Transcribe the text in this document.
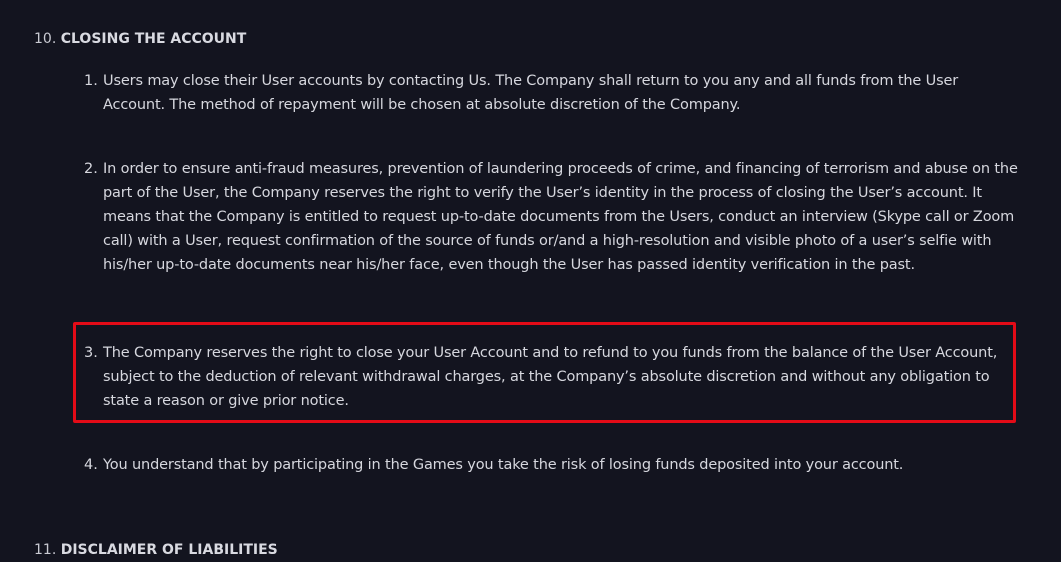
10. CLOSING THE ACCOUNT
1. Users may close their User accounts by contacting Us. The Company shall return to you any and all funds from the User Account. The method of repayment will be chosen at absolute discretion of the Company.
2. In order to ensure anti-fraud measures, prevention of laundering proceeds of crime, and financing of terrorism and abuse on the part of the User, the Company reserves the right to verify the User’s identity in the process of closing the User’s account. It means that the Company is entitled to request up-to-date documents from the Users, conduct an interview (Skype call or Zoom call) with a User, request confirmation of the source of funds or/and a high-resolution and visible photo of a user’s selfie with his/her up-to-date documents near his/her face, even though the User has passed identity verification in the past.
3. The Company reserves the right to close your User Account and to refund to you funds from the balance of the User Account, subject to the deduction of relevant withdrawal charges, at the Company’s absolute discretion and without any obligation to state a reason or give prior notice.
4. You understand that by participating in the Games you take the risk of losing funds deposited into your account.
11. DISCLAIMER OF LIABILITIES
